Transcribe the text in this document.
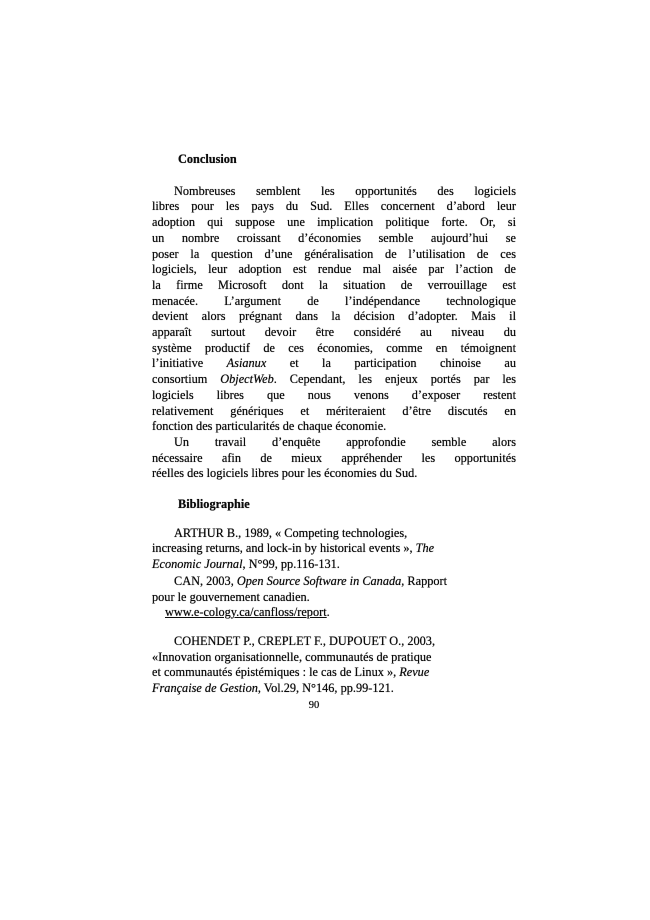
Conclusion
Nombreuses semblent les opportunités des logiciels
libres pour les pays du Sud. Elles concernent d’abord leur
adoption qui suppose une implication politique forte. Or, si
un nombre croissant d’économies semble aujourd’hui se
poser la question d’une généralisation de l’utilisation de ces
logiciels, leur adoption est rendue mal aisée par l’action de
la firme Microsoft dont la situation de verrouillage est
menacée. L’argument de l’indépendance technologique
devient alors prégnant dans la décision d’adopter. Mais il
apparaît surtout devoir être considéré au niveau du
système productif de ces économies, comme en témoignent
l’initiative Asianux et la participation chinoise au
consortium ObjectWeb. Cependant, les enjeux portés par les
logiciels libres que nous venons d’exposer restent
relativement génériques et mériteraient d’être discutés en
fonction des particularités de chaque économie.
Un travail d’enquête approfondie semble alors
nécessaire afin de mieux appréhender les opportunités
réelles des logiciels libres pour les économies du Sud.
Bibliographie
ARTHUR B., 1989, « Competing technologies,
increasing returns, and lock-in by historical events », The
Economic Journal, N°99, pp.116-131.
CAN, 2003, Open Source Software in Canada, Rapport
pour le gouvernement canadien.
www.e-cology.ca/canfloss/report.
COHENDET P., CREPLET F., DUPOUET O., 2003,
«Innovation organisationnelle, communautés de pratique
et communautés épistémiques : le cas de Linux », Revue
Française de Gestion, Vol.29, N°146, pp.99-121.
90
